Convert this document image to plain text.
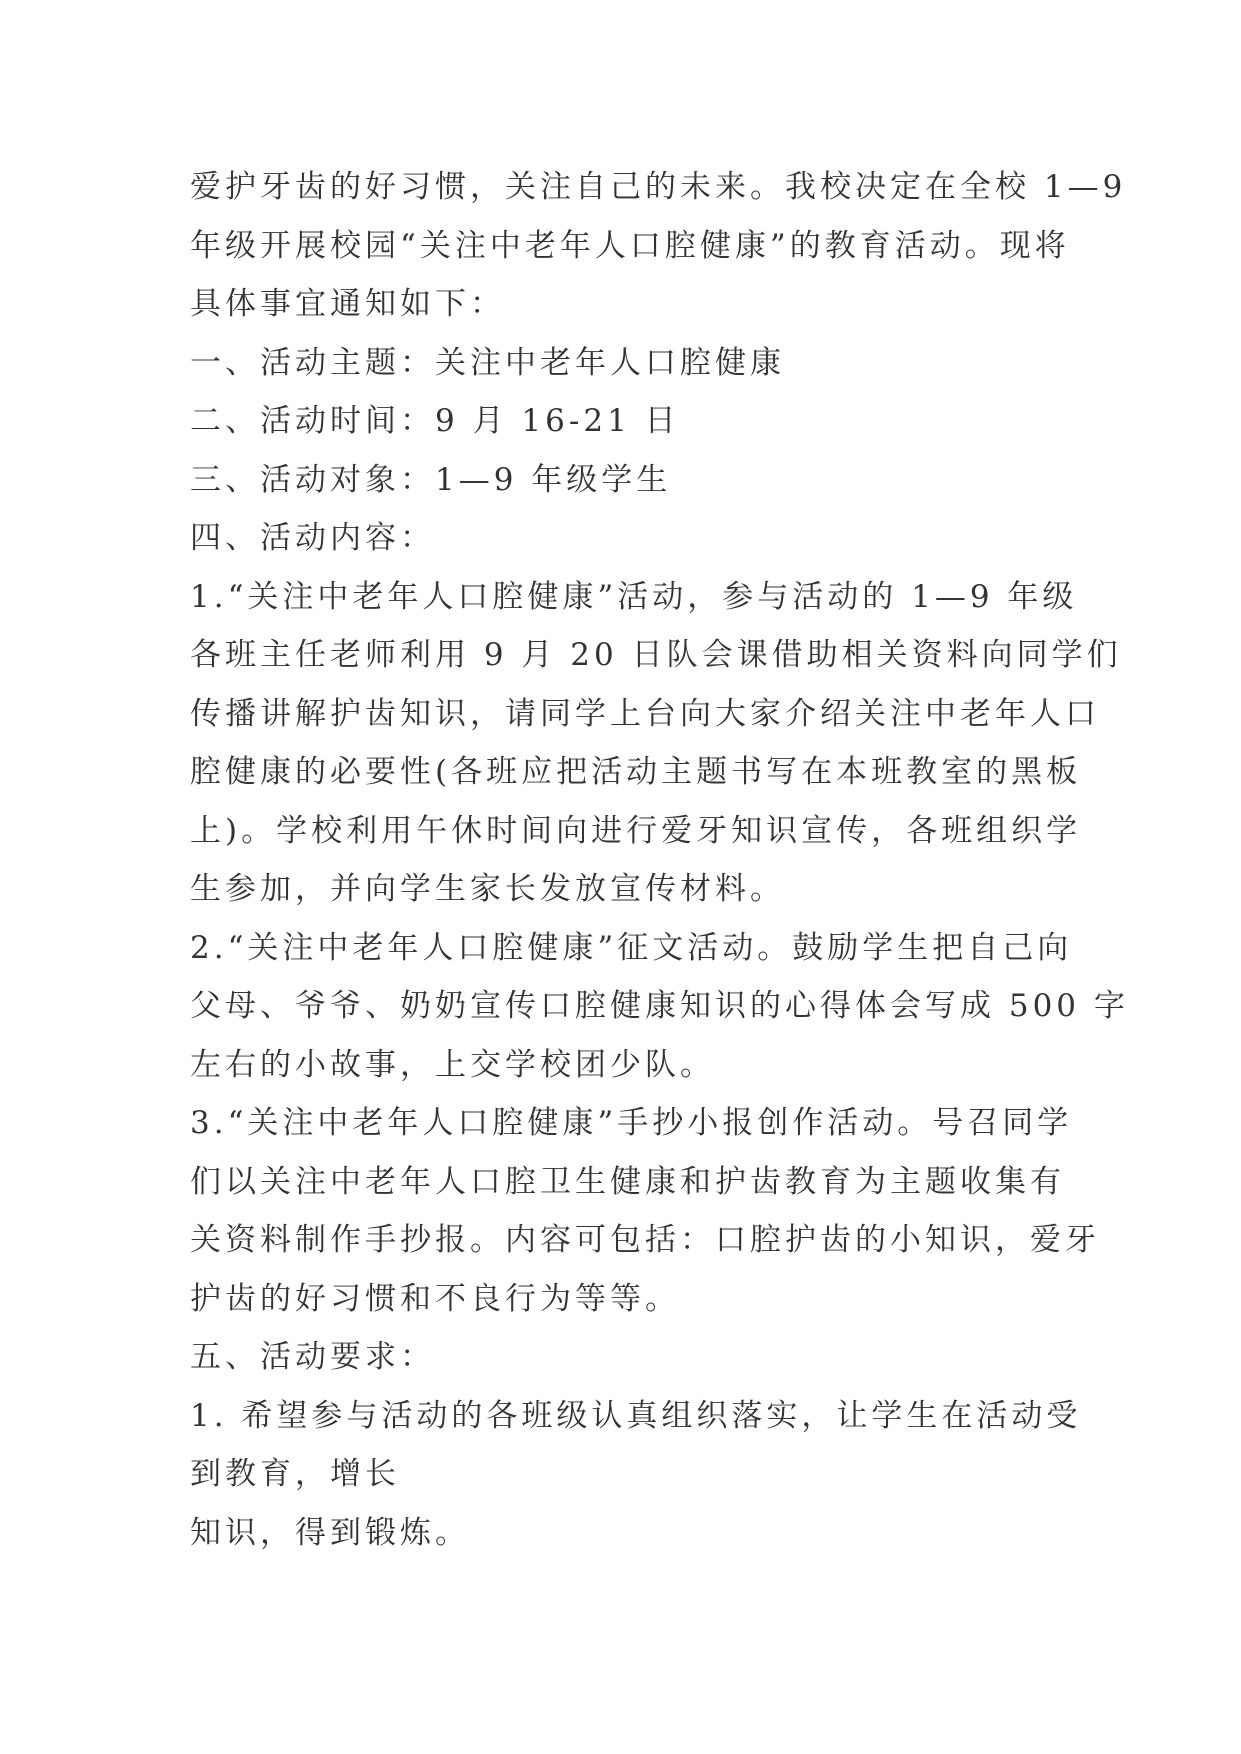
爱护牙齿的好习惯，关注自己的未来。我校决定在全校 1—9
年级开展校园“关注中老年人口腔健康”的教育活动。现将
具体事宜通知如下：
一、活动主题：关注中老年人口腔健康
二、活动时间：9 月 16-21 日
三、活动对象：1—9 年级学生
四、活动内容：
1.“关注中老年人口腔健康”活动，参与活动的 1—9 年级
各班主任老师利用 9 月 20 日队会课借助相关资料向同学们
传播讲解护齿知识，请同学上台向大家介绍关注中老年人口
腔健康的必要性(各班应把活动主题书写在本班教室的黑板
上)。学校利用午休时间向进行爱牙知识宣传，各班组织学
生参加，并向学生家长发放宣传材料。
2.“关注中老年人口腔健康”征文活动。鼓励学生把自己向
父母、爷爷、奶奶宣传口腔健康知识的心得体会写成 500 字
左右的小故事，上交学校团少队。
3.“关注中老年人口腔健康”手抄小报创作活动。号召同学
们以关注中老年人口腔卫生健康和护齿教育为主题收集有
关资料制作手抄报。内容可包括：口腔护齿的小知识，爱牙
护齿的好习惯和不良行为等等。
五、活动要求：
1. 希望参与活动的各班级认真组织落实，让学生在活动受
到教育，增长
知识，得到锻炼。
